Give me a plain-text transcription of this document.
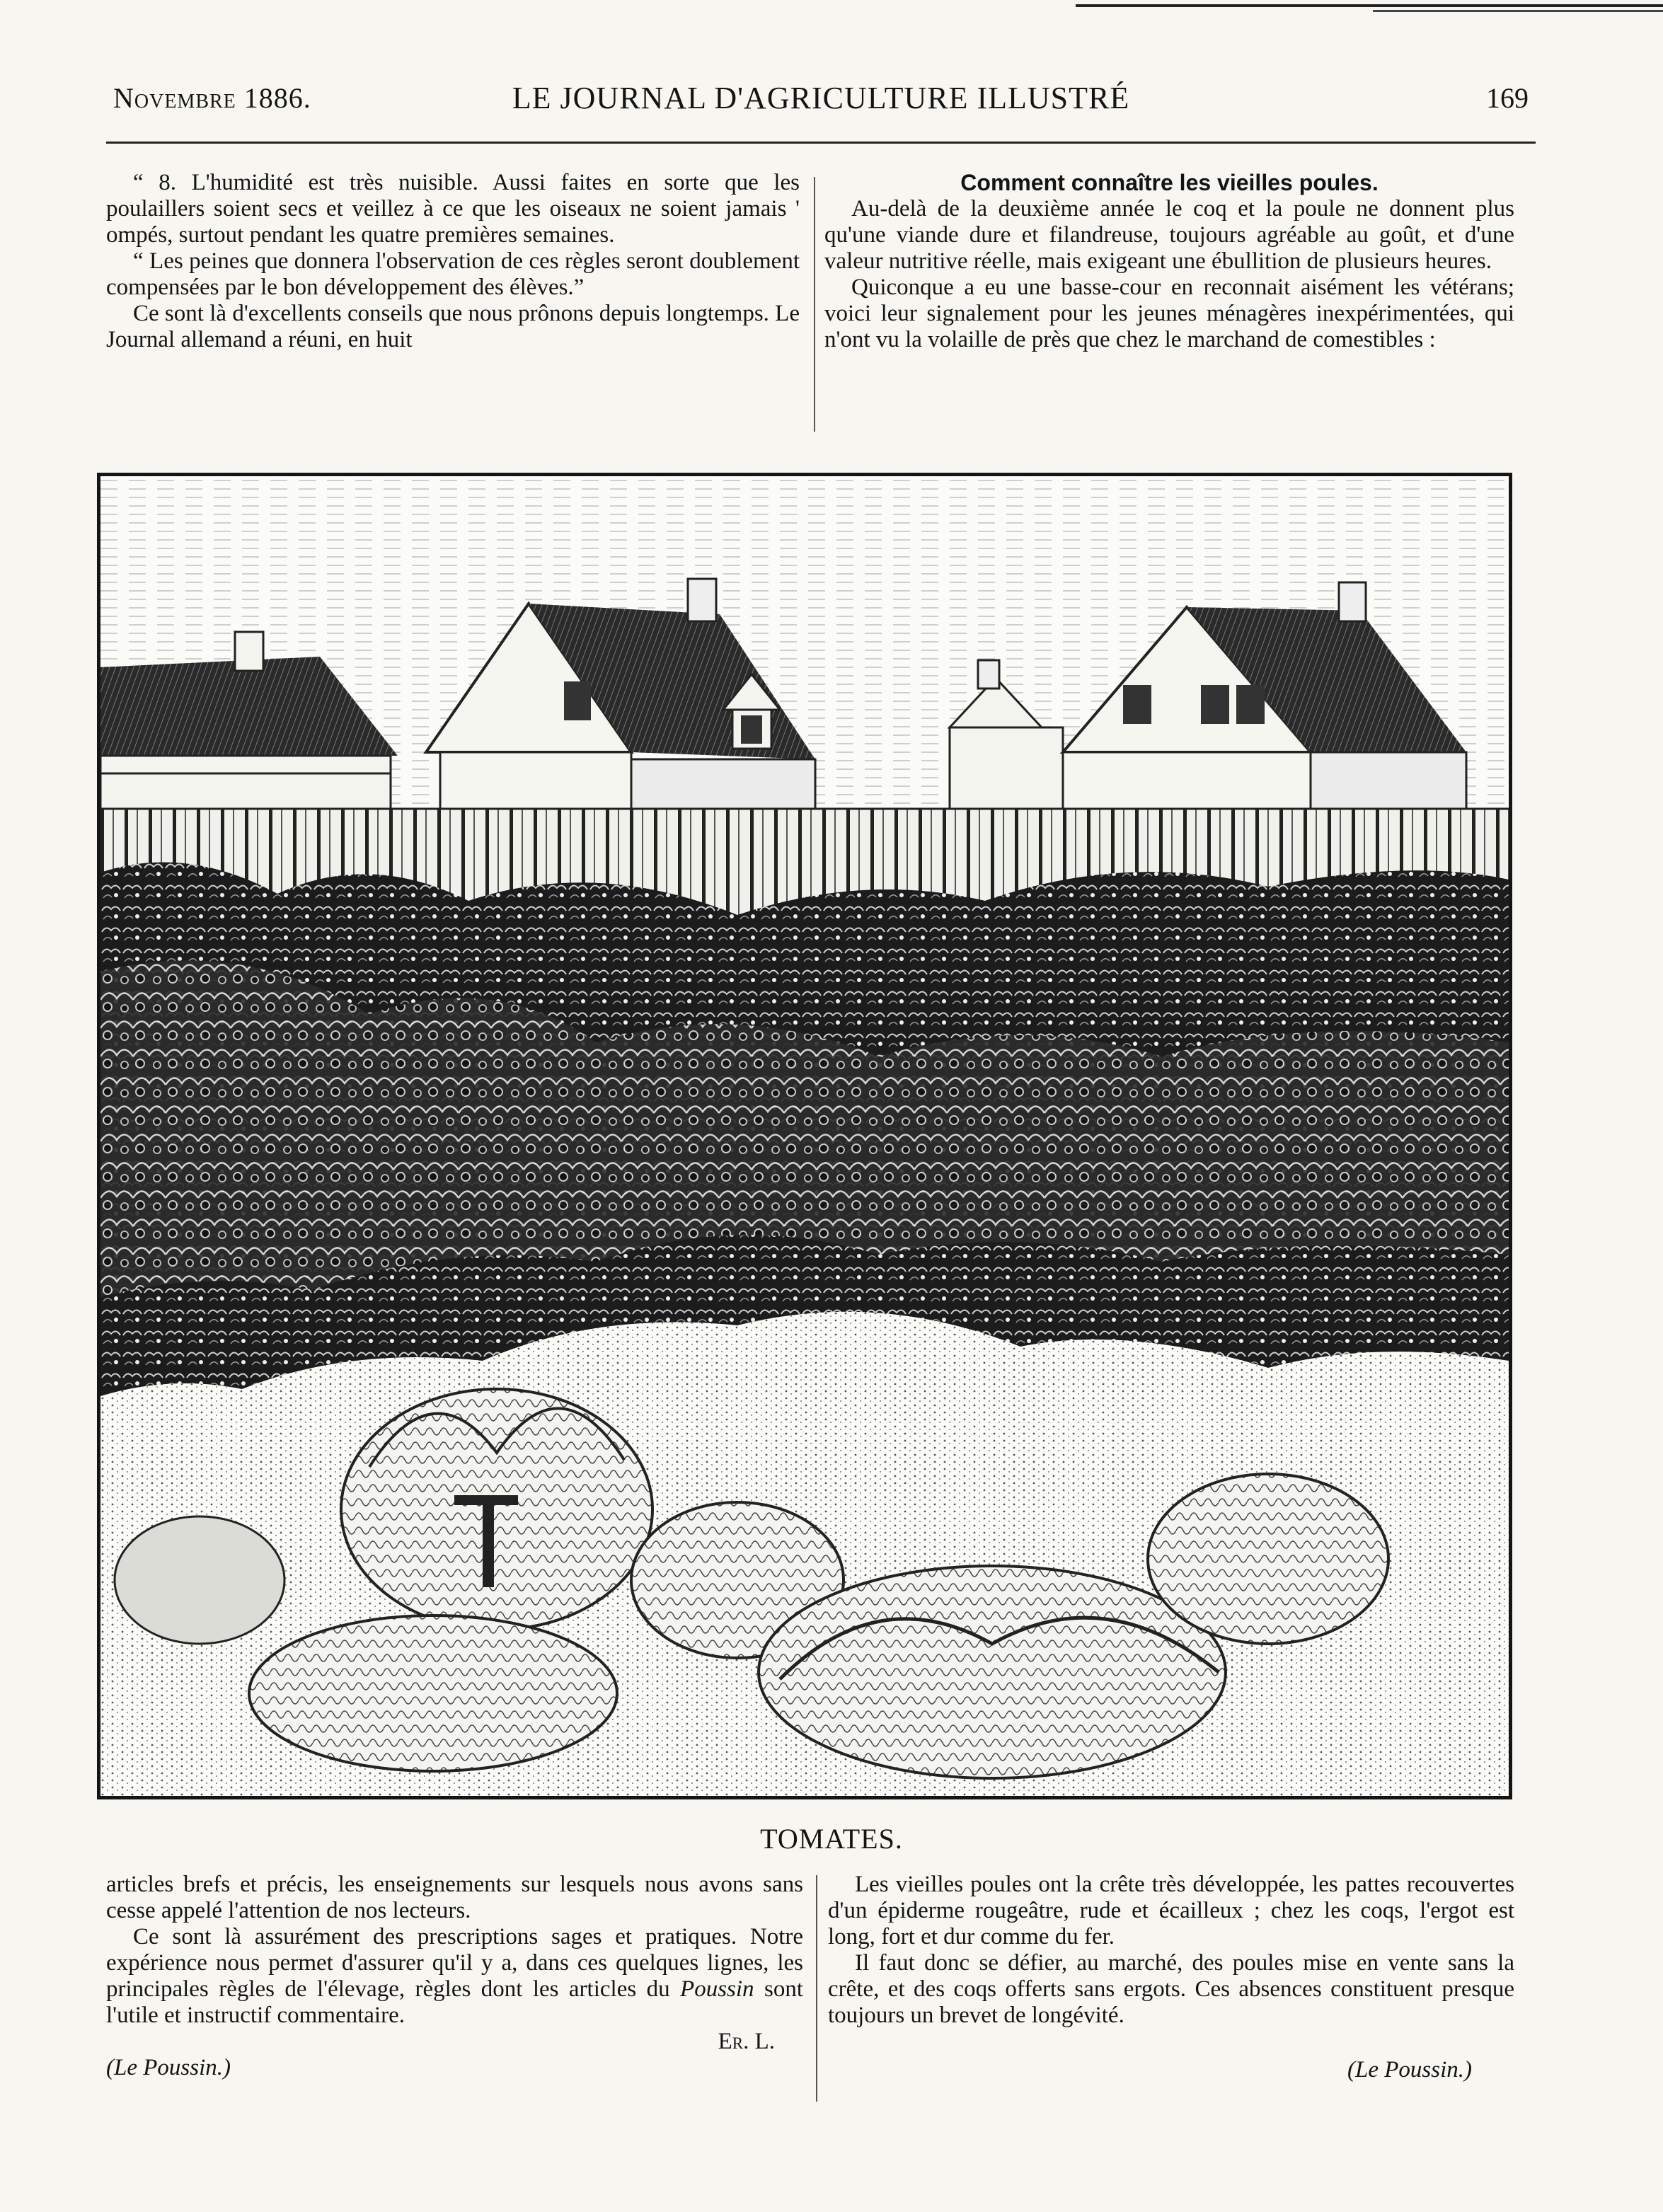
Novembre 1886.	LE JOURNAL D'AGRICULTURE ILLUSTRÉ	169

“ 8. L'humidité est très nuisible. Aussi faites en sorte que les poulaillers soient secs et veillez à ce que les oiseaux ne soient jamais ' ompés, surtout pendant les quatre premières semaines.

“ Les peines que donnera l'observation de ces règles seront doublement compensées par le bon développement des élèves.”

Ce sont là d'excellents conseils que nous prônons depuis longtemps. Le Journal allemand a réuni, en huit

Comment connaître les vieilles poules.

Au-delà de la deuxième année le coq et la poule ne donnent plus qu'une viande dure et filandreuse, toujours agréable au goût, et d'une valeur nutritive réelle, mais exigeant une ébullition de plusieurs heures.

Quiconque a eu une basse-cour en reconnait aisément les vétérans; voici leur signalement pour les jeunes ménagères inexpérimentées, qui n'ont vu la volaille de près que chez le marchand de comestibles :

TOMATES.

articles brefs et précis, les enseignements sur lesquels nous avons sans cesse appelé l'attention de nos lecteurs.

Ce sont là assurément des prescriptions sages et pratiques. Notre expérience nous permet d'assurer qu'il y a, dans ces quelques lignes, les principales règles de l'élevage, règles dont les articles du Poussin sont l'utile et instructif commentaire.

Er. L.

(Le Poussin.)

Les vieilles poules ont la crête très développée, les pattes recouvertes d'un épiderme rougeâtre, rude et écailleux ; chez les coqs, l'ergot est long, fort et dur comme du fer.

Il faut donc se défier, au marché, des poules mise en vente sans la crête, et des coqs offerts sans ergots. Ces absences constituent presque toujours un brevet de longévité.

(Le Poussin.)
